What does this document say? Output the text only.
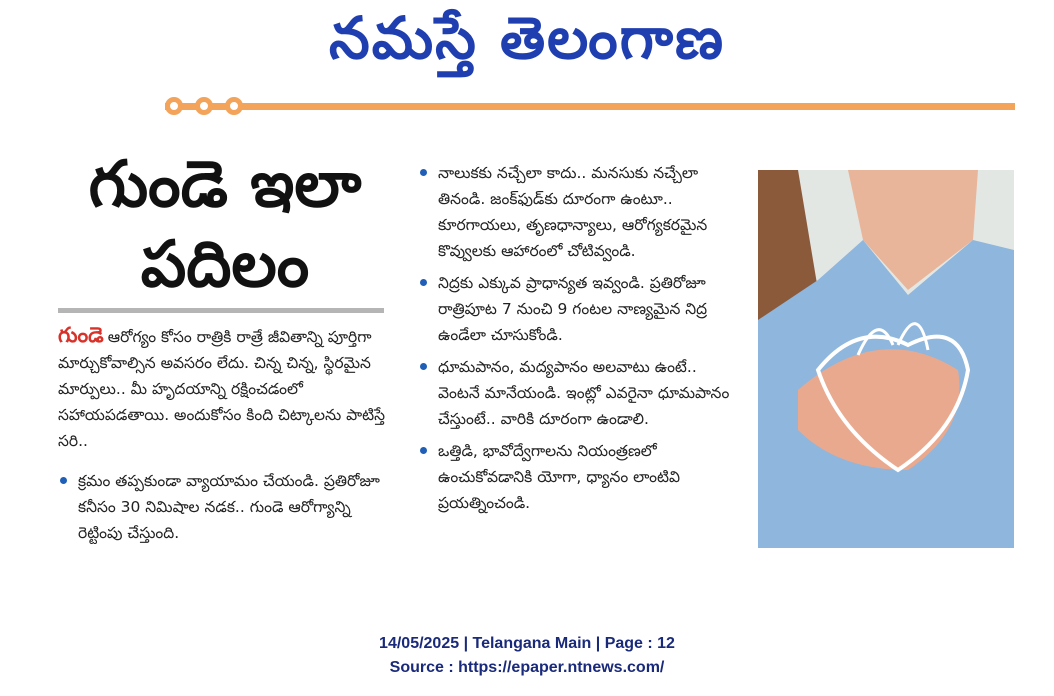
నమస్తే తెలంగాణ
గుండె ఇలా
పదిలం
గుండె ఆరోగ్యం కోసం రాత్రికి రాత్రే జీవితాన్ని పూర్తిగా మార్చుకోవాల్సిన అవసరం లేదు. చిన్న చిన్న, స్థిరమైన మార్పులు.. మీ హృదయాన్ని రక్షించడంలో సహాయపడతాయి. అందుకోసం కింది చిట్కాలను పాటిస్తే సరి..
క్రమం తప్పకుండా వ్యాయామం చేయండి. ప్రతిరోజూ కనీసం 30 నిమిషాల నడక.. గుండె ఆరోగ్యాన్ని రెట్టింపు చేస్తుంది.
నాలుకకు నచ్చేలా కాదు.. మనసుకు నచ్చేలా తినండి. జంక్‌ఫుడ్‌కు దూరంగా ఉంటూ.. కూరగాయలు, తృణధాన్యాలు, ఆరోగ్యకరమైన కొవ్వులకు ఆహారంలో చోటివ్వండి.
నిద్రకు ఎక్కువ ప్రాధాన్యత ఇవ్వండి. ప్రతిరోజూ రాత్రిపూట 7 నుంచి 9 గంటల నాణ్యమైన నిద్ర ఉండేలా చూసుకోండి.
ధూమపానం, మద్యపానం అలవాటు ఉంటే.. వెంటనే మానేయండి. ఇంట్లో ఎవరైనా ధూమపానం చేస్తుంటే.. వారికి దూరంగా ఉండాలి.
ఒత్తిడి, భావోద్వేగాలను నియంత్రణలో ఉంచుకోవడానికి యోగా, ధ్యానం లాంటివి ప్రయత్నించండి.
14/05/2025 | Telangana Main | Page : 12
Source : https://epaper.ntnews.com/
